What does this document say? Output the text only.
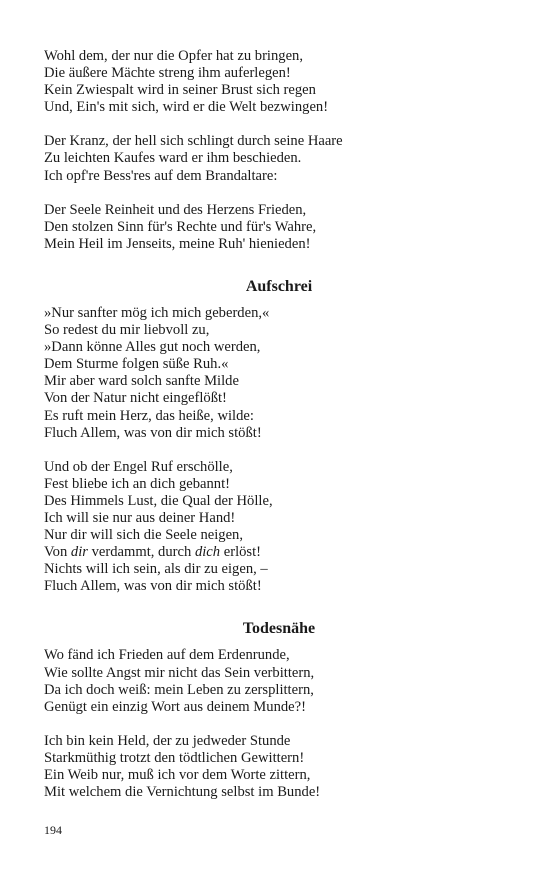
Wohl dem, der nur die Opfer hat zu bringen,
Die äußere Mächte streng ihm auferlegen!
Kein Zwiespalt wird in seiner Brust sich regen
Und, Ein's mit sich, wird er die Welt bezwingen!
Der Kranz, der hell sich schlingt durch seine Haare
Zu leichten Kaufes ward er ihm beschieden.
Ich opf're Bess'res auf dem Brandaltare:
Der Seele Reinheit und des Herzens Frieden,
Den stolzen Sinn für's Rechte und für's Wahre,
Mein Heil im Jenseits, meine Ruh' hienieden!
Aufschrei
»Nur sanfter mög ich mich geberden,«
So redest du mir liebvoll zu,
»Dann könne Alles gut noch werden,
Dem Sturme folgen süße Ruh.«
Mir aber ward solch sanfte Milde
Von der Natur nicht eingeflößt!
Es ruft mein Herz, das heiße, wilde:
Fluch Allem, was von dir mich stößt!
Und ob der Engel Ruf erschölle,
Fest bliebe ich an dich gebannt!
Des Himmels Lust, die Qual der Hölle,
Ich will sie nur aus deiner Hand!
Nur dir will sich die Seele neigen,
Von dir verdammt, durch dich erlöst!
Nichts will ich sein, als dir zu eigen, –
Fluch Allem, was von dir mich stößt!
Todesnähe
Wo fänd ich Frieden auf dem Erdenrunde,
Wie sollte Angst mir nicht das Sein verbittern,
Da ich doch weiß: mein Leben zu zersplittern,
Genügt ein einzig Wort aus deinem Munde?!
Ich bin kein Held, der zu jedweder Stunde
Starkmüthig trotzt den tödtlichen Gewittern!
Ein Weib nur, muß ich vor dem Worte zittern,
Mit welchem die Vernichtung selbst im Bunde!
194
